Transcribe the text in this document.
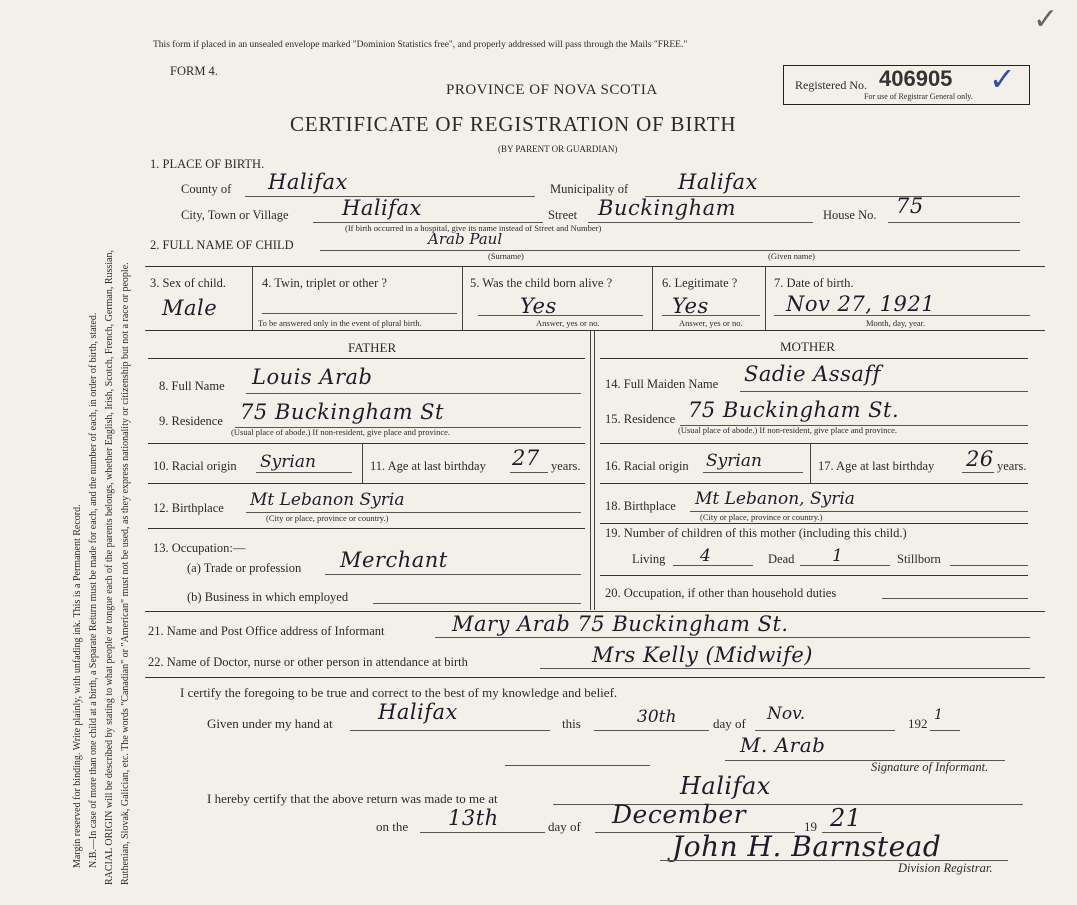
Margin reserved for binding. Write plainly, with unfading ink. This is a Permanent Record. N.B.—In case of more than one child at a birth, a Separate Return must be made for each, and the number of each, in order of birth, stated. RACIAL ORIGIN will be described by stating to what people or tongue each of the parents belongs, whether English, Irish, Scotch, French, German, Russian, Ruthenian, Slovak, Galician, etc. The words "Canadian" or "American" must not be used, as they express nationality or citizenship but not a race or people.
✓
This form if placed in an unsealed envelope marked "Dominion Statistics free", and properly addressed will pass through the Mails "FREE."
FORM 4.
PROVINCE OF NOVA SCOTIA
CERTIFICATE OF REGISTRATION OF BIRTH
(BY PARENT OR GUARDIAN)
Registered No. 406905
For use of Registrar General only. ✓
1. PLACE OF BIRTH.
County of Halifax	Municipality of Halifax
City, Town or Village	Halifax	Street Buckingham	House No. 75
(If birth occurred in a hospital, give its name instead of Street and Number)
2. FULL NAME OF CHILD	Arab Paul
(Surname)	(Given name)
3. Sex of child.
Male
4. Twin, triplet or other ?
To be answered only in the event of plural birth.
5. Was the child born alive ?
Yes
Answer, yes or no.
6. Legitimate ?
Yes
Answer, yes or no.
7. Date of birth.
Nov 27, 1921
Month, day, year.
FATHER	MOTHER
8. Full Name Louis Arab	14. Full Maiden Name Sadie Assaff
9. Residence 75 Buckingham St
(Usual place of abode.) If non-resident, give place and province.
15. Residence 75 Buckingham St.
(Usual place of abode.) If non-resident, give place and province.
10. Racial origin Syrian	11. Age at last birthday 27 years. 16. Racial origin Syrian	17. Age at last birthday 26 years.
12. Birthplace Mt Lebanon Syria
(City or place, province or country.)
18. Birthplace Mt Lebanon, Syria
(City or place, province or country.)
13. Occupation:—
(a) Trade or profession Merchant
(b) Business in which employed
19. Number of children of this mother (including this child.)
Living 4	Dead 1	Stillborn
20. Occupation, if other than household duties
21. Name and Post Office address of Informant	Mary Arab 75 Buckingham St.
22. Name of Doctor, nurse or other person in attendance at birth	Mrs Kelly (Midwife)
I certify the foregoing to be true and correct to the best of my knowledge and belief.
Given under my hand at Halifax	this	30th	day of Nov.	192
1
M. Arab
Signature of Informant.
I hereby certify that the above return was made to me at	Halifax
on the 13th	day of December	19 21
John H. Barnstead
Division Registrar.
